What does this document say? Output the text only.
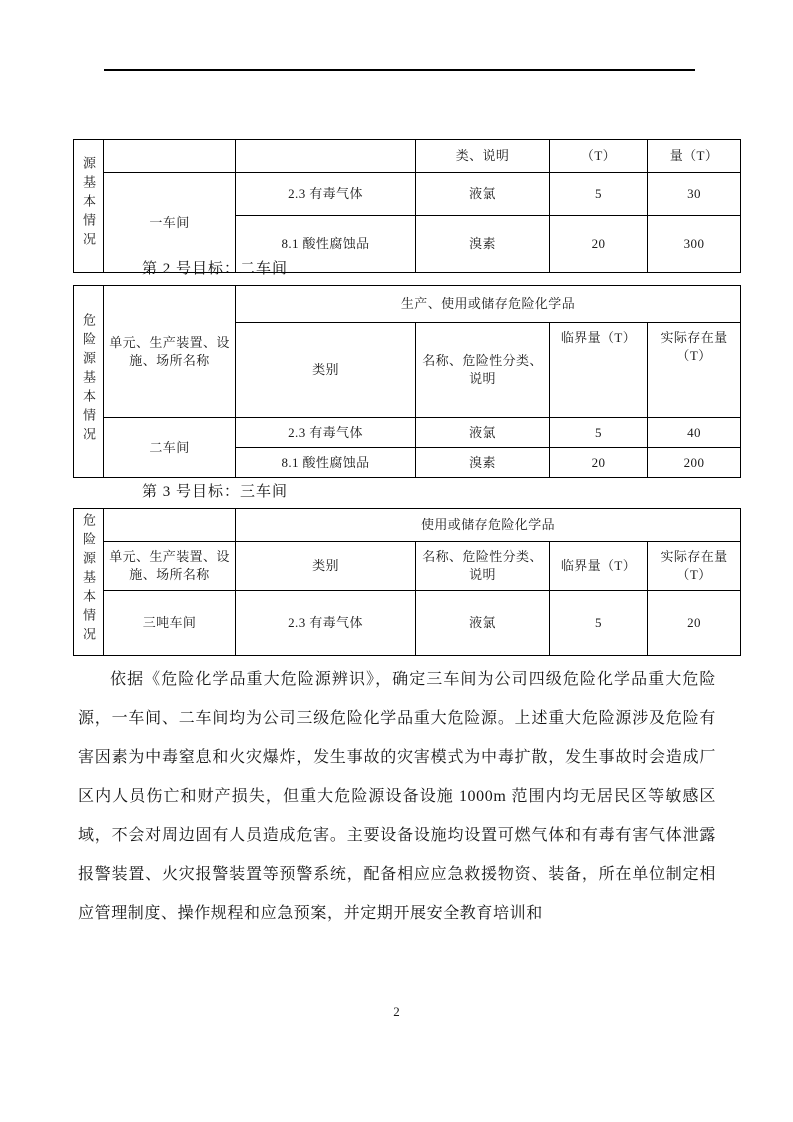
源基本情况			类、说明	（T）	量（T）
	一车间	2.3 有毒气体	液氯	5	30
		8.1 酸性腐蚀品	溴素	20	300
第 2 号目标：二车间
危险源基本情况	单元、生产装置、设施、场所名称	生产、使用或储存危险化学品			
		类别	名称、危险性分类、说明	临界量（T）	实际存在量（T）
	二车间	2.3 有毒气体	液氯	5	40
		8.1 酸性腐蚀品	溴素	20	200
第 3 号目标：三车间
危险源基本情况		使用或储存危险化学品			
	单元、生产装置、设施、场所名称	类别	名称、危险性分类、说明	临界量（T）	实际存在量（T）
	三吨车间	2.3 有毒气体	液氯	5	20
依据《危险化学品重大危险源辨识》，确定三车间为公司四级危险化学品重大危险源，一车间、二车间均为公司三级危险化学品重大危险源。上述重大危险源涉及危险有害因素为中毒窒息和火灾爆炸，发生事故的灾害模式为中毒扩散，发生事故时会造成厂区内人员伤亡和财产损失，但重大危险源设备设施 1000m 范围内均无居民区等敏感区域，不会对周边固有人员造成危害。主要设备设施均设置可燃气体和有毒有害气体泄露报警装置、火灾报警装置等预警系统，配备相应应急救援物资、装备，所在单位制定相应管理制度、操作规程和应急预案，并定期开展安全教育培训和
2
